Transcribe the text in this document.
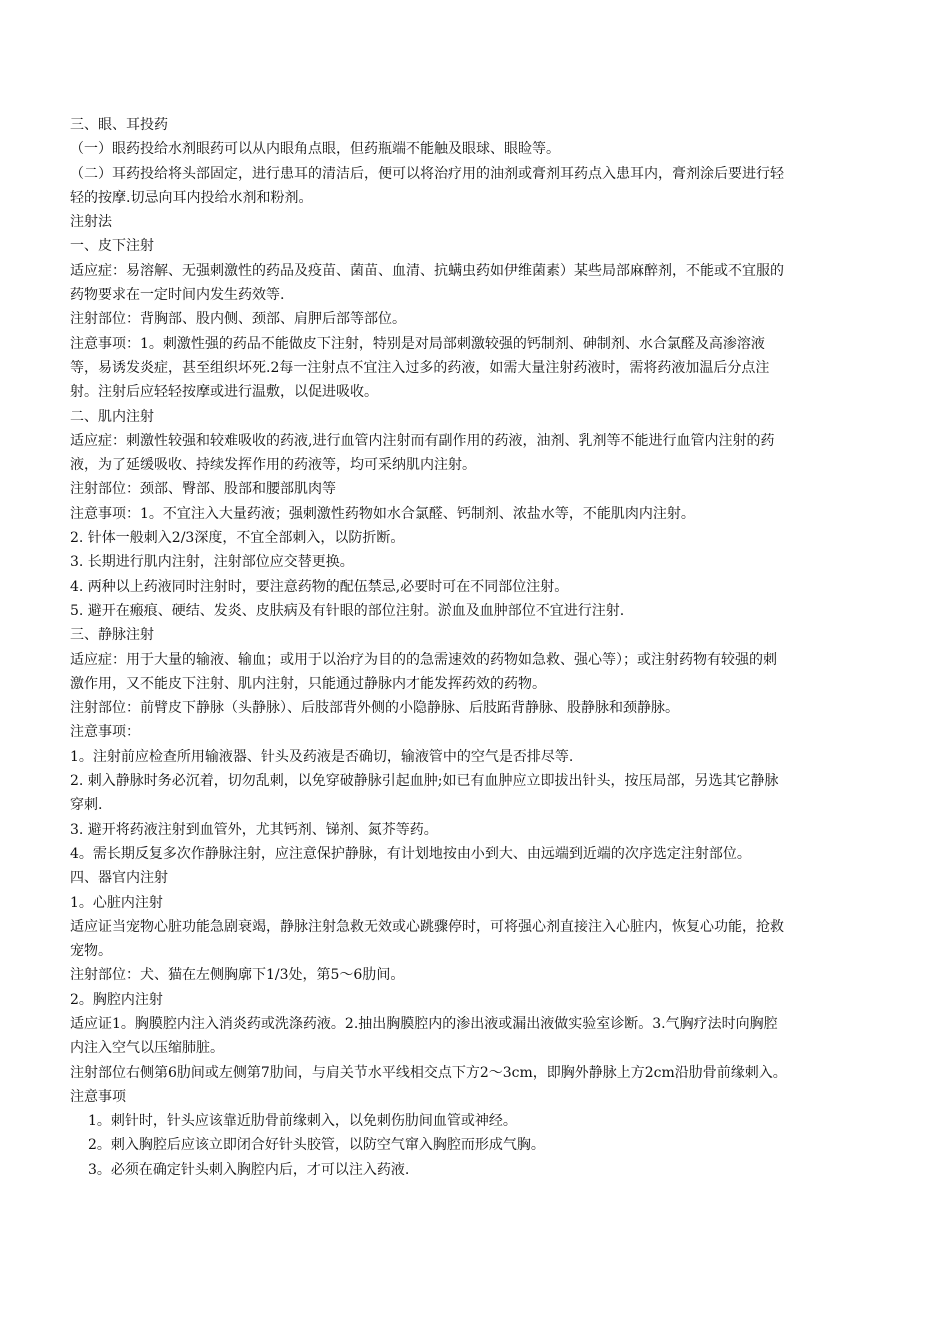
三、眼、耳投药

（一）眼药投给水剂眼药可以从内眼角点眼，但药瓶端不能触及眼球、眼睑等。

（二）耳药投给将头部固定，进行患耳的清洁后，便可以将治疗用的油剂或膏剂耳药点入患耳内，膏剂涂后要进行轻

轻的按摩.切忌向耳内投给水剂和粉剂。

注射法

一、皮下注射

适应症：易溶解、无强刺激性的药品及疫苗、菌苗、血清、抗螨虫药如伊维菌素）某些局部麻醉剂，不能或不宜服的

药物要求在一定时间内发生药效等.

注射部位：背胸部、股内侧、颈部、肩胛后部等部位。

注意事项：1。刺激性强的药品不能做皮下注射，特别是对局部刺激较强的钙制剂、砷制剂、水合氯醛及高渗溶液

等，易诱发炎症，甚至组织坏死.2每一注射点不宜注入过多的药液，如需大量注射药液时，需将药液加温后分点注

射。注射后应轻轻按摩或进行温敷，以促进吸收。

二、肌内注射

适应症：刺激性较强和较难吸收的药液,进行血管内注射而有副作用的药液，油剂、乳剂等不能进行血管内注射的药

液，为了延缓吸收、持续发挥作用的药液等，均可采纳肌内注射。

注射部位：颈部、臀部、股部和腰部肌肉等

注意事项：1。不宜注入大量药液；强刺激性药物如水合氯醛、钙制剂、浓盐水等，不能肌肉内注射。

2. 针体一般刺入2/3深度，不宜全部刺入，以防折断。

3. 长期进行肌内注射，注射部位应交替更换。

4. 两种以上药液同时注射时，要注意药物的配伍禁忌,必要时可在不同部位注射。

5. 避开在瘢痕、硬结、发炎、皮肤病及有针眼的部位注射。淤血及血肿部位不宜进行注射.

三、静脉注射

适应症：用于大量的输液、输血；或用于以治疗为目的的急需速效的药物如急救、强心等）；或注射药物有较强的刺

激作用，又不能皮下注射、肌内注射，只能通过静脉内才能发挥药效的药物。

注射部位：前臂皮下静脉（头静脉）、后肢部背外侧的小隐静脉、后肢跖背静脉、股静脉和颈静脉。

注意事项：

1。注射前应检查所用输液器、针头及药液是否确切，输液管中的空气是否排尽等.

2. 刺入静脉时务必沉着，切勿乱刺，以免穿破静脉引起血肿;如已有血肿应立即拔出针头，按压局部，另选其它静脉

穿刺.

3. 避开将药液注射到血管外，尤其钙剂、锑剂、氮芥等药。

4。需长期反复多次作静脉注射，应注意保护静脉，有计划地按由小到大、由远端到近端的次序选定注射部位。

四、器官内注射

1。心脏内注射

适应证当宠物心脏功能急剧衰竭，静脉注射急救无效或心跳骤停时，可将强心剂直接注入心脏内，恢复心功能，抢救

宠物。

注射部位：犬、猫在左侧胸廓下1/3处，第5〜6肋间。

2。胸腔内注射

适应证1。胸膜腔内注入消炎药或洗涤药液。2.抽出胸膜腔内的渗出液或漏出液做实验室诊断。3.气胸疗法时向胸腔

内注入空气以压缩肺脏。

注射部位右侧第6肋间或左侧第7肋间，与肩关节水平线相交点下方2〜3cm，即胸外静脉上方2cm沿肋骨前缘刺入。

注意事项

1。刺针时，针头应该靠近肋骨前缘刺入，以免刺伤肋间血管或神经。

2。刺入胸腔后应该立即闭合好针头胶管，以防空气窜入胸腔而形成气胸。

3。必须在确定针头刺入胸腔内后，才可以注入药液.
